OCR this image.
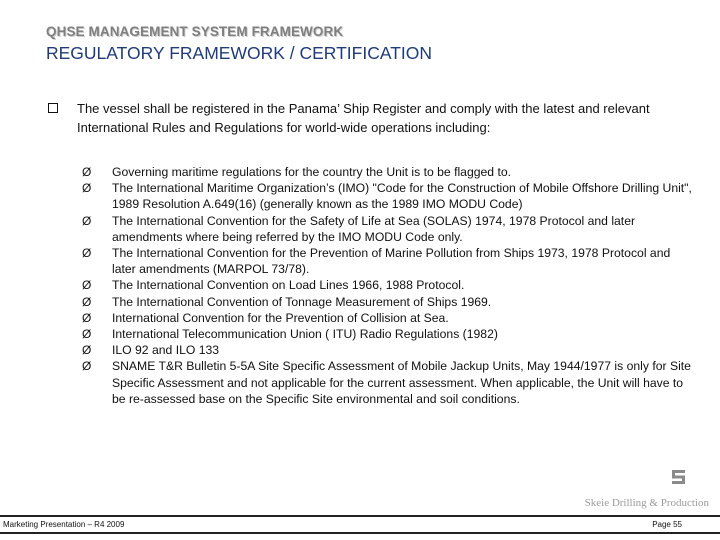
QHSE MANAGEMENT SYSTEM FRAMEWORK
REGULATORY FRAMEWORK / CERTIFICATION
The vessel shall be registered in the Panama’ Ship Register and comply with the latest and relevant International Rules and Regulations for world-wide operations including:
Ø Governing maritime regulations for the country the Unit is to be flagged to.
Ø The International Maritime Organization’s (IMO) "Code for the Construction of Mobile Offshore Drilling Unit", 1989 Resolution A.649(16) (generally known as the 1989 IMO MODU Code)
Ø The International Convention for the Safety of Life at Sea (SOLAS) 1974, 1978 Protocol and later amendments where being referred by the IMO MODU Code only.
Ø The International Convention for the Prevention of Marine Pollution from Ships 1973, 1978 Protocol and later amendments (MARPOL 73/78).
Ø The International Convention on Load Lines 1966, 1988 Protocol.
Ø The International Convention of Tonnage Measurement of Ships 1969.
Ø International Convention for the Prevention of Collision at Sea.
Ø International Telecommunication Union ( ITU) Radio Regulations (1982)
Ø ILO 92 and ILO 133
Ø SNAME T&R Bulletin 5-5A Site Specific Assessment of Mobile Jackup Units, May 1944/1977 is only for Site Specific Assessment and not applicable for the current assessment. When applicable, the Unit will have to be re-assessed base on the Specific Site environmental and soil conditions.
Skeie Drilling & Production
Marketing Presentation – R4 2009	Page 55
